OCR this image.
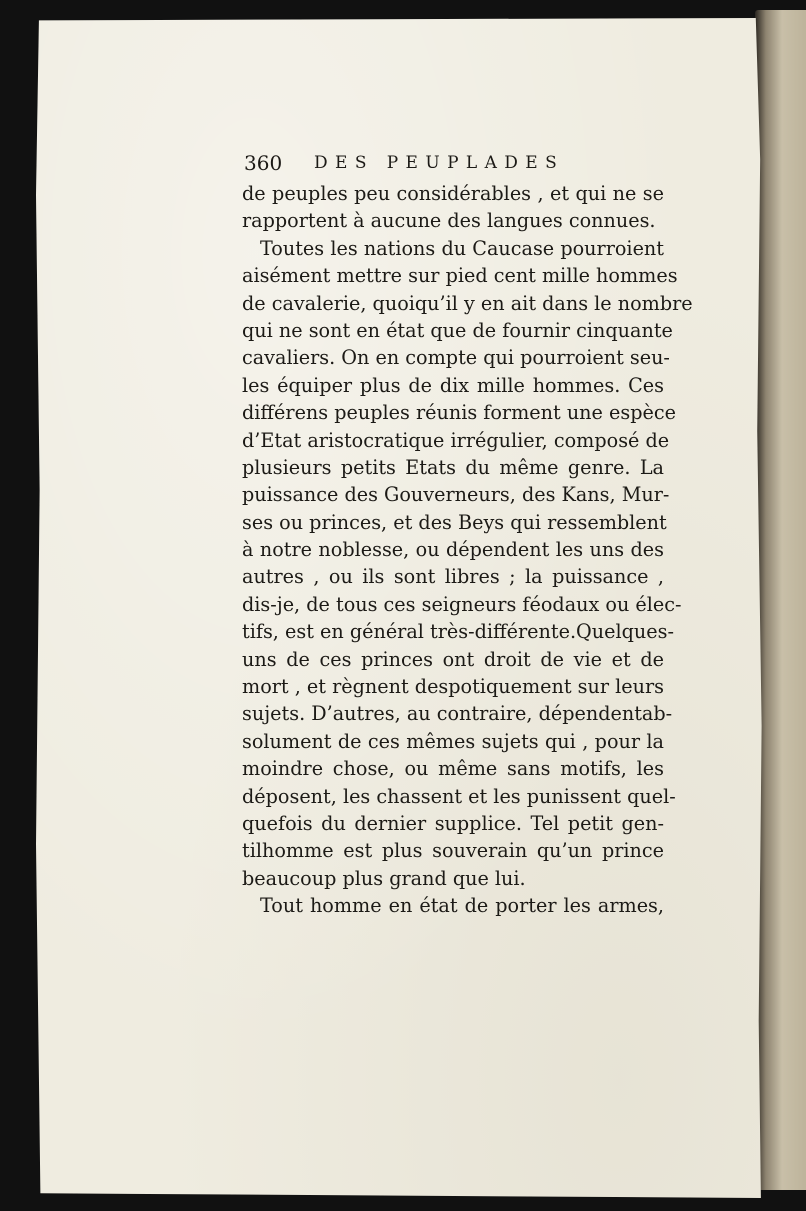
360 DES PEUPLADES
de peuples peu considérables , et qui ne se
rapportent à aucune des langues connues.
Toutes les nations du Caucase pourroient
aisément mettre sur pied cent mille hommes
de cavalerie, quoiqu’il y en ait dans le nombre
qui ne sont en état que de fournir cinquante
cavaliers. On en compte qui pourroient seu-
les équiper plus de dix mille hommes. Ces
différens peuples réunis forment une espèce
d’Etat aristocratique irrégulier, composé de
plusieurs petits Etats du même genre. La
puissance des Gouverneurs, des Kans, Mur-
ses ou princes, et des Beys qui ressemblent
à notre noblesse, ou dépendent les uns des
autres , ou ils sont libres ; la puissance ,
dis-je, de tous ces seigneurs féodaux ou élec-
tifs, est en général très-différente.Quelques-
uns de ces princes ont droit de vie et de
mort , et règnent despotiquement sur leurs
sujets. D’autres, au contraire, dépendentab-
solument de ces mêmes sujets qui , pour la
moindre chose, ou même sans motifs, les
déposent, les chassent et les punissent quel-
quefois du dernier supplice. Tel petit gen-
tilhomme est plus souverain qu’un prince
beaucoup plus grand que lui.
Tout homme en état de porter les armes,
